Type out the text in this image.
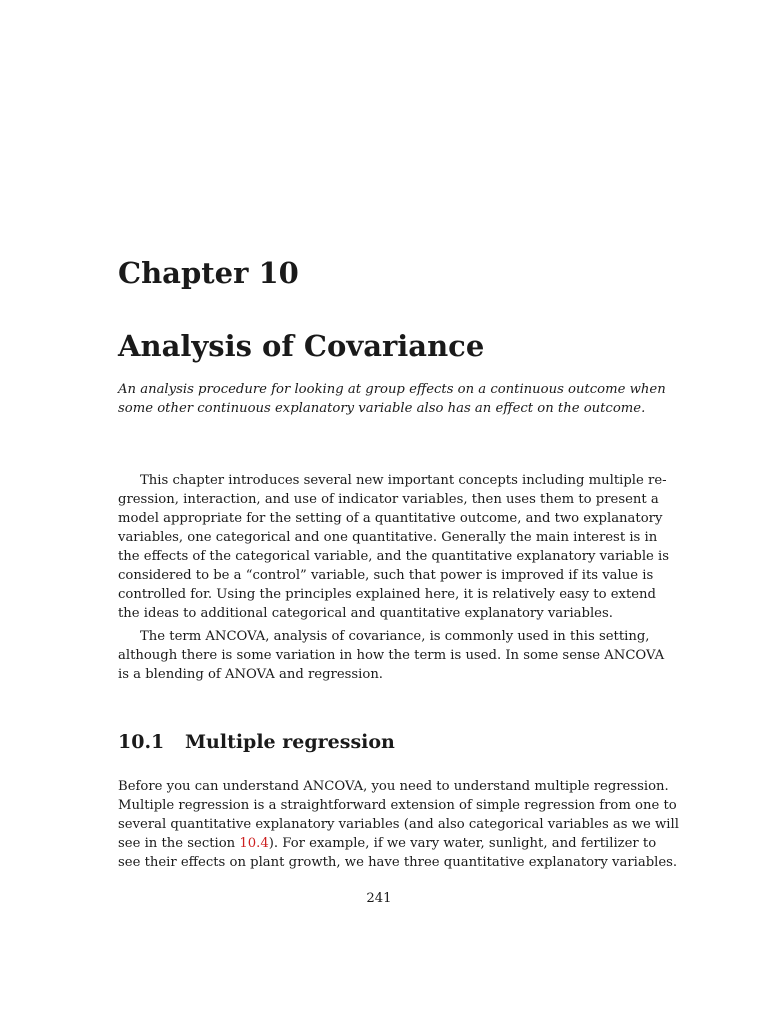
Chapter 10
Analysis of Covariance

An analysis procedure for looking at group effects on a continuous outcome when
some other continuous explanatory variable also has an effect on the outcome.

This chapter introduces several new important concepts including multiple re-
gression, interaction, and use of indicator variables, then uses them to present a
model appropriate for the setting of a quantitative outcome, and two explanatory
variables, one categorical and one quantitative. Generally the main interest is in
the effects of the categorical variable, and the quantitative explanatory variable is
considered to be a “control” variable, such that power is improved if its value is
controlled for. Using the principles explained here, it is relatively easy to extend
the ideas to additional categorical and quantitative explanatory variables.

The term ANCOVA, analysis of covariance, is commonly used in this setting,
although there is some variation in how the term is used. In some sense ANCOVA
is a blending of ANOVA and regression.

10.1 Multiple regression

Before you can understand ANCOVA, you need to understand multiple regression.
Multiple regression is a straightforward extension of simple regression from one to
several quantitative explanatory variables (and also categorical variables as we will
see in the section 10.4). For example, if we vary water, sunlight, and fertilizer to
see their effects on plant growth, we have three quantitative explanatory variables.

241
